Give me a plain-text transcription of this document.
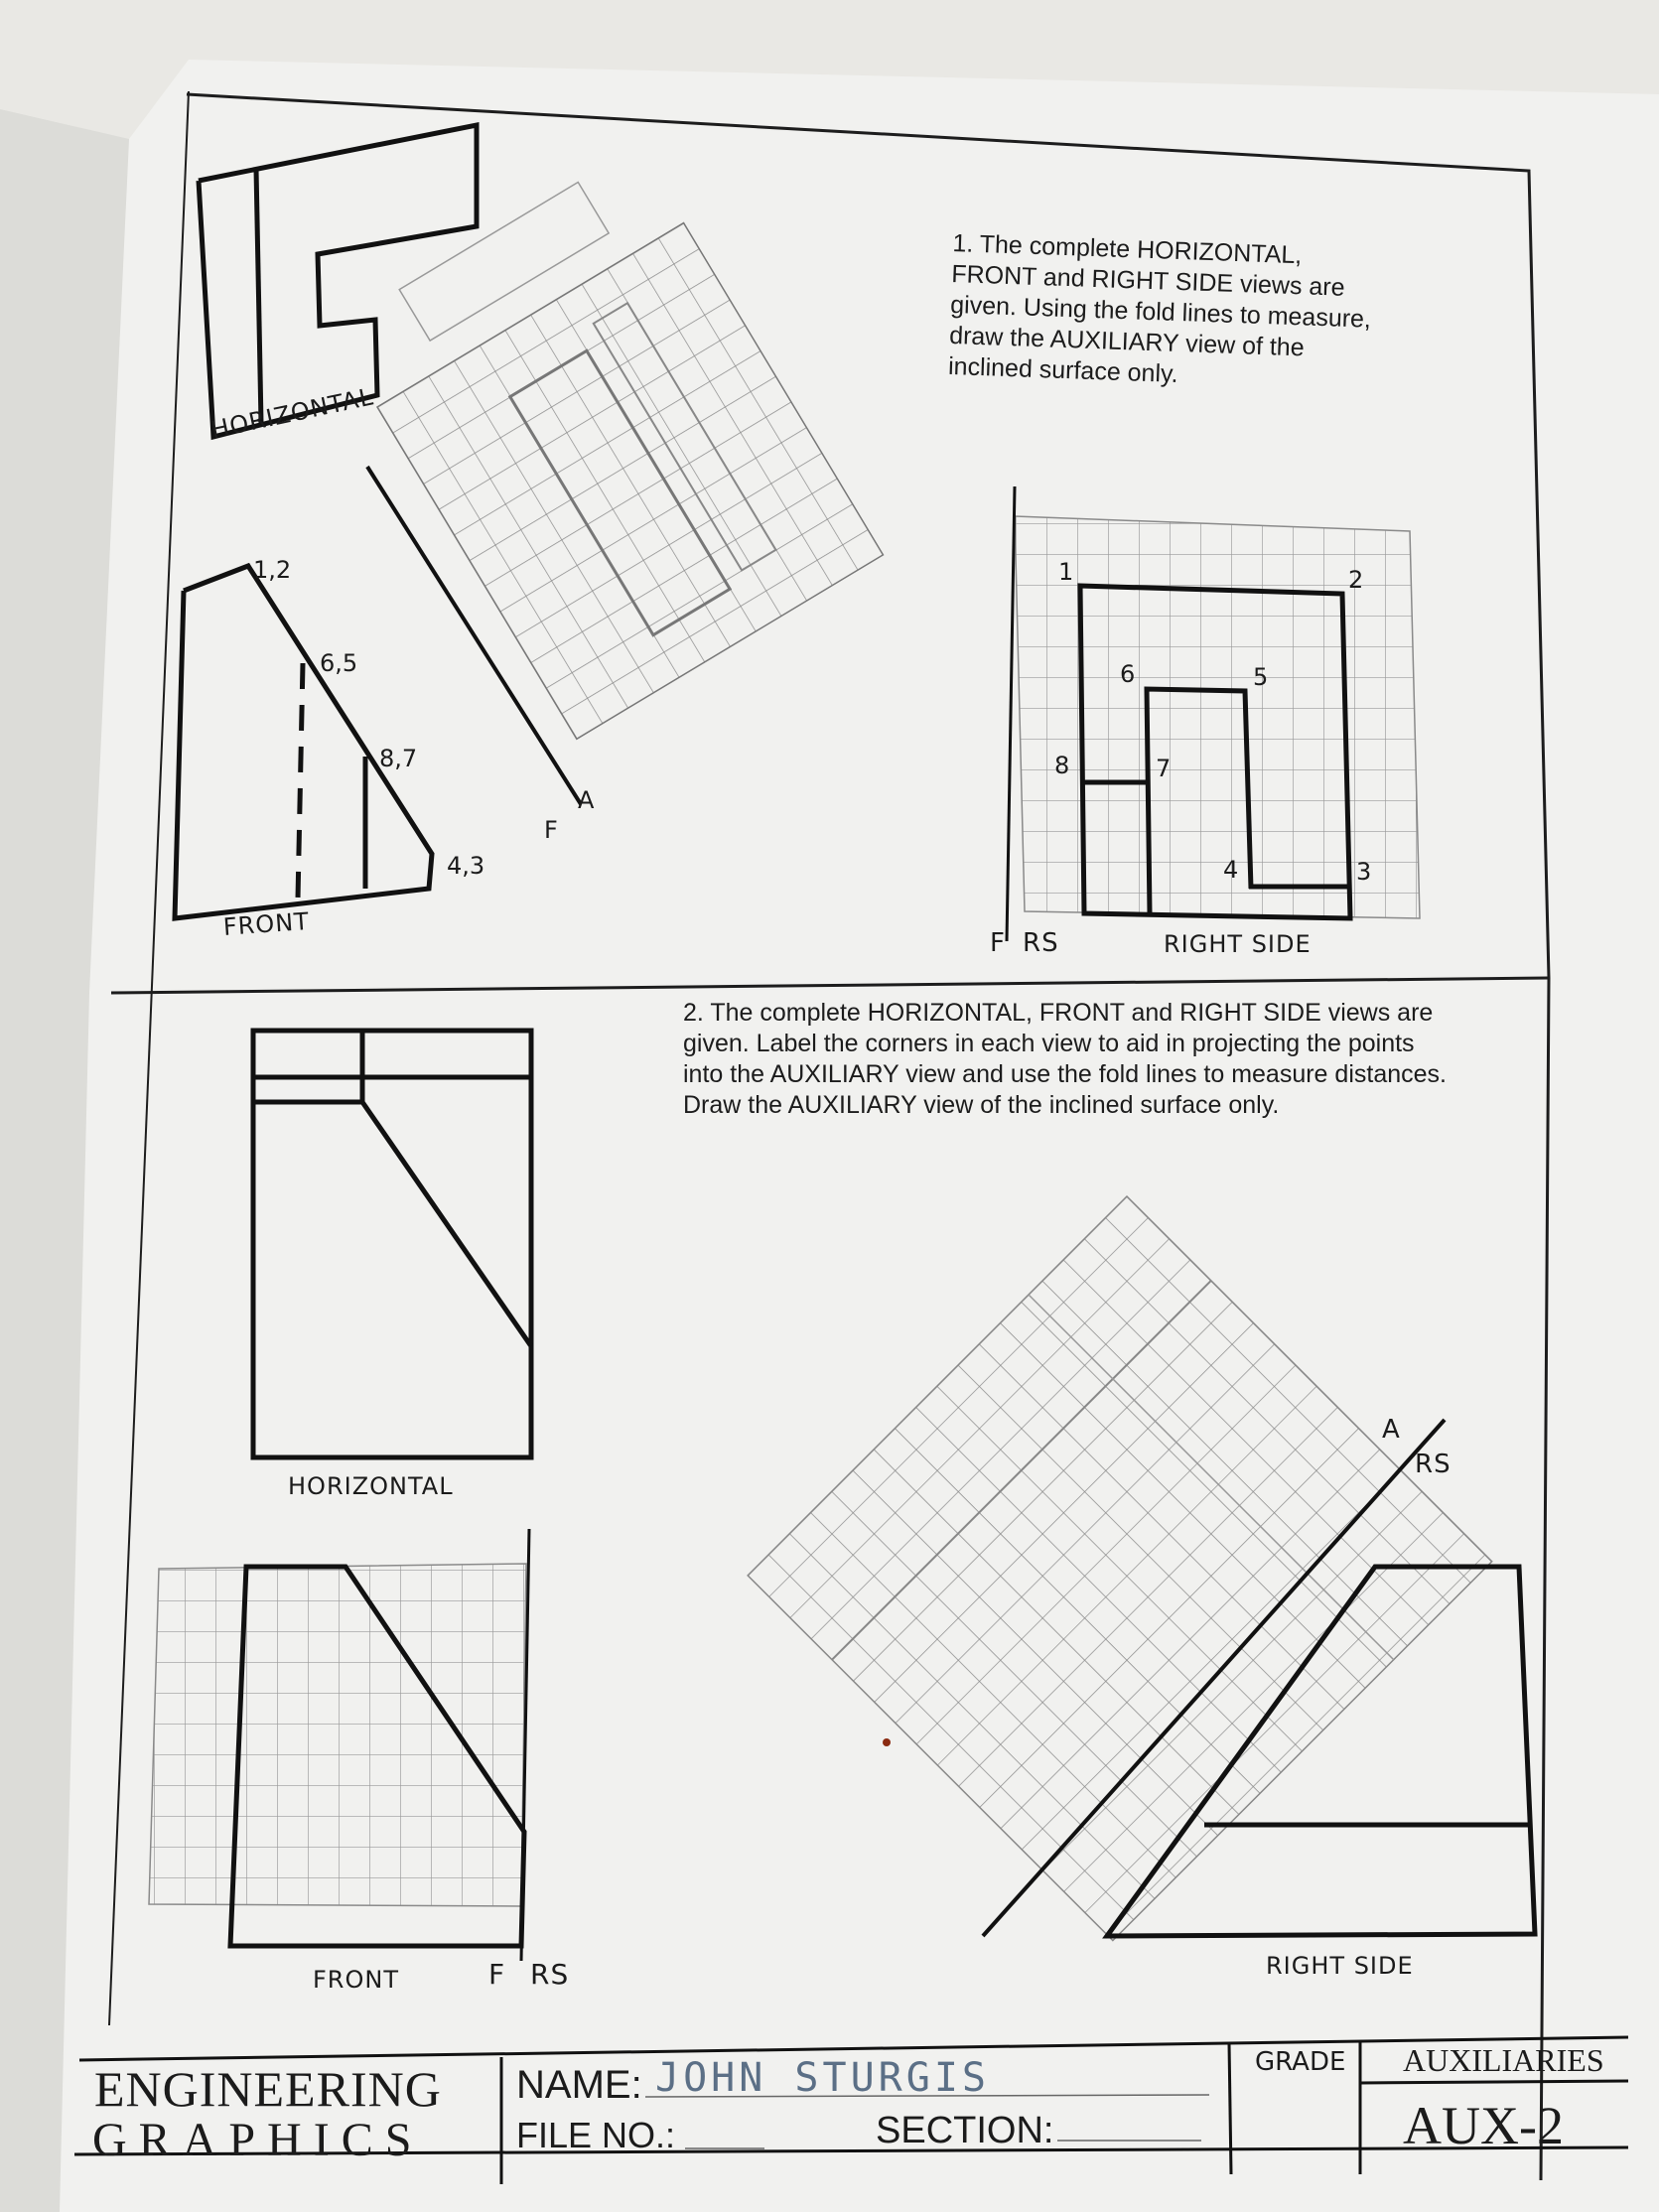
1. The complete HORIZONTAL, FRONT and RIGHT SIDE views are given. Using the fold lines to measure, draw the AUXILIARY view of the inclined surface only.
HORIZONTAL
FRONT
1,2
6,5
8,7
4,3
F
A
1	2
6	5
8	7
4	3
F RS	RIGHT SIDE
2. The complete HORIZONTAL, FRONT and RIGHT SIDE views are given. Label the corners in each view to aid in projecting the points into the AUXILIARY view and use the fold lines to measure distances. Draw the AUXILIARY view of the inclined surface only.
HORIZONTAL
FRONT	F RS
A
RS
RIGHT SIDE
ENGINEERING
GRAPHICS
NAME: JOHN STURGIS
FILE NO.:	SECTION:
GRADE AUXILIARIES
AUX-2
